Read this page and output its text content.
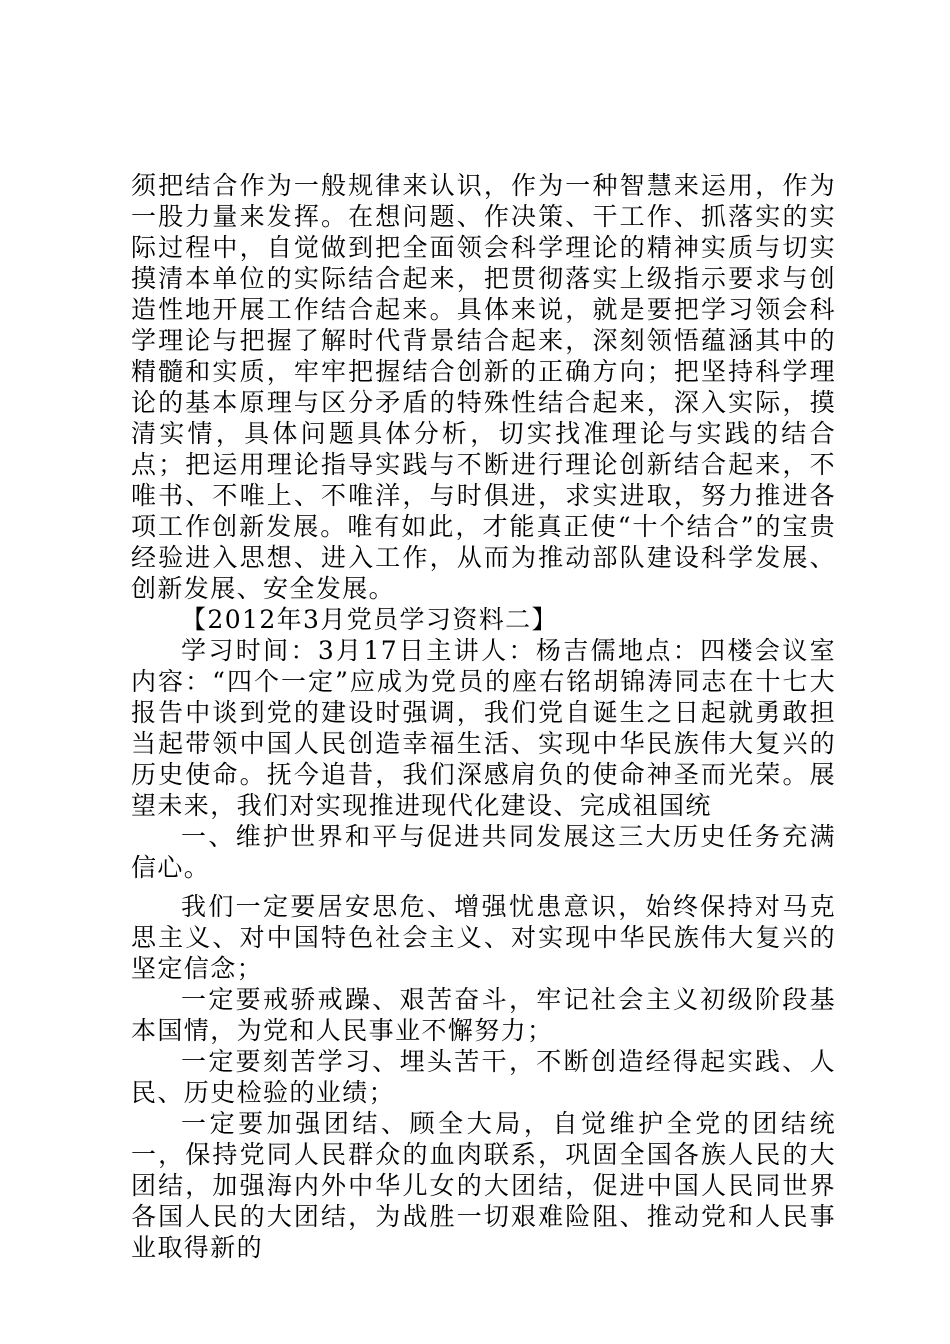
须把结合作为一般规律来认识，作为一种智慧来运用，作为一股力量来发挥。在想问题、作决策、干工作、抓落实的实际过程中，自觉做到把全面领会科学理论的精神实质与切实摸清本单位的实际结合起来，把贯彻落实上级指示要求与创造性地开展工作结合起来。具体来说，就是要把学习领会科学理论与把握了解时代背景结合起来，深刻领悟蕴涵其中的精髓和实质，牢牢把握结合创新的正确方向；把坚持科学理论的基本原理与区分矛盾的特殊性结合起来，深入实际，摸清实情，具体问题具体分析，切实找准理论与实践的结合点；把运用理论指导实践与不断进行理论创新结合起来，不唯书、不唯上、不唯洋，与时俱进，求实进取，努力推进各项工作创新发展。唯有如此，才能真正使“十个结合”的宝贵经验进入思想、进入工作，从而为推动部队建设科学发展、创新发展、安全发展。

【2012年3月党员学习资料二】

学习时间：3月17日主讲人：杨吉儒地点：四楼会议室内容：“四个一定”应成为党员的座右铭胡锦涛同志在十七大报告中谈到党的建设时强调，我们党自诞生之日起就勇敢担当起带领中国人民创造幸福生活、实现中华民族伟大复兴的历史使命。抚今追昔，我们深感肩负的使命神圣而光荣。展望未来，我们对实现推进现代化建设、完成祖国统

一、维护世界和平与促进共同发展这三大历史任务充满信心。

我们一定要居安思危、增强忧患意识，始终保持对马克思主义、对中国特色社会主义、对实现中华民族伟大复兴的坚定信念；

一定要戒骄戒躁、艰苦奋斗，牢记社会主义初级阶段基本国情，为党和人民事业不懈努力；

一定要刻苦学习、埋头苦干，不断创造经得起实践、人民、历史检验的业绩；

一定要加强团结、顾全大局，自觉维护全党的团结统一，保持党同人民群众的血肉联系，巩固全国各族人民的大团结，加强海内外中华儿女的大团结，促进中国人民同世界各国人民的大团结，为战胜一切艰难险阻、推动党和人民事业取得新的
